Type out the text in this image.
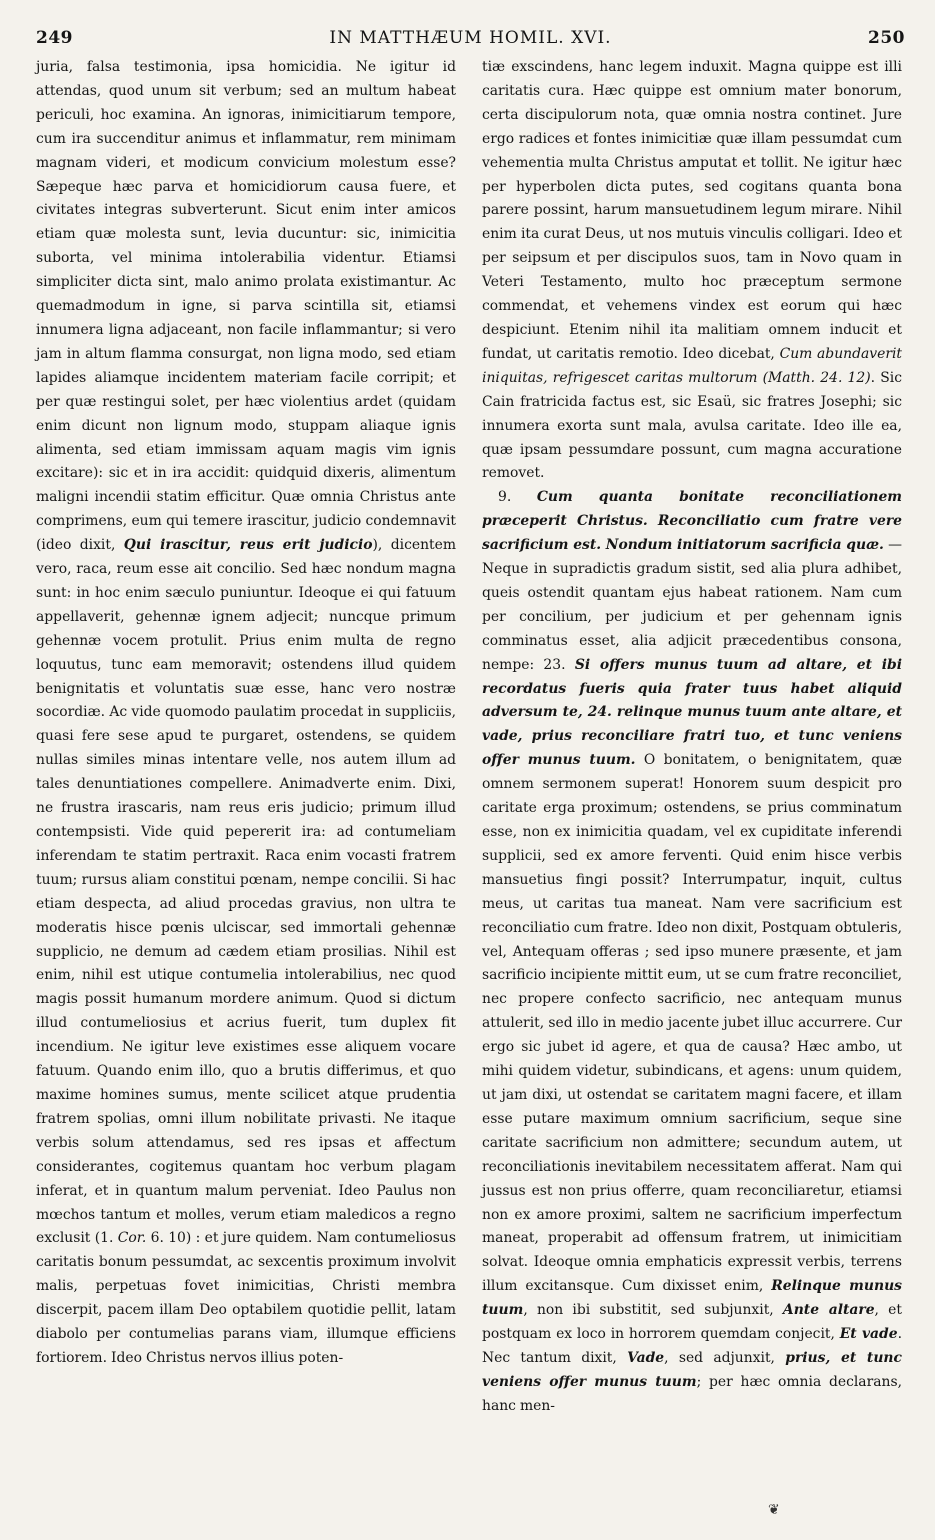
249	IN MATTHÆUM HOMIL. XVI.	250

juria, falsa testimonia, ipsa homicidia. Ne igitur id attendas, quod unum sit verbum; sed an multum habeat periculi, hoc examina. An ignoras, inimicitiarum tempore, cum ira succenditur animus et inflammatur, rem minimam magnam videri, et modicum convicium molestum esse? Sæpeque hæc parva et homicidiorum causa fuere, et civitates integras subverterunt. Sicut enim inter amicos etiam quæ molesta sunt, levia ducuntur: sic, inimicitia suborta, vel minima intolerabilia videntur. Etiamsi simpliciter dicta sint, malo animo prolata existimantur. Ac quemadmodum in igne, si parva scintilla sit, etiamsi innumera ligna adjaceant, non facile inflammantur; si vero jam in altum flamma consurgat, non ligna modo, sed etiam lapides aliamque incidentem materiam facile corripit; et per quæ restingui solet, per hæc violentius ardet (quidam enim dicunt non lignum modo, stuppam aliaque ignis alimenta, sed etiam immissam aquam magis vim ignis excitare): sic et in ira accidit: quidquid dixeris, alimentum maligni incendii statim efficitur. Quæ omnia Christus ante comprimens, eum qui temere irascitur, judicio condemnavit (ideo dixit, Qui irascitur, reus erit judicio), dicentem vero, raca, reum esse ait concilio. Sed hæc nondum magna sunt: in hoc enim sæculo puniuntur. Ideoque ei qui fatuum appellaverit, gehennæ ignem adjecit; nuncque primum gehennæ vocem protulit. Prius enim multa de regno loquutus, tunc eam memoravit; ostendens illud quidem benignitatis et voluntatis suæ esse, hanc vero nostræ socordiæ. Ac vide quomodo paulatim procedat in suppliciis, quasi fere sese apud te purgaret, ostendens, se quidem nullas similes minas intentare velle, nos autem illum ad tales denuntiationes compellere. Animadverte enim. Dixi, ne frustra irascaris, nam reus eris judicio; primum illud contempsisti. Vide quid pepererit ira: ad contumeliam inferendam te statim pertraxit. Raca enim vocasti fratrem tuum; rursus aliam constitui pœnam, nempe concilii. Si hac etiam despecta, ad aliud procedas gravius, non ultra te moderatis hisce pœnis ulciscar, sed immortali gehennæ supplicio, ne demum ad cædem etiam prosilias. Nihil est enim, nihil est utique contumelia intolerabilius, nec quod magis possit humanum mordere animum. Quod si dictum illud contumeliosius et acrius fuerit, tum duplex fit incendium. Ne igitur leve existimes esse aliquem vocare fatuum. Quando enim illo, quo a brutis differimus, et quo maxime homines sumus, mente scilicet atque prudentia fratrem spolias, omni illum nobilitate privasti. Ne itaque verbis solum attendamus, sed res ipsas et affectum considerantes, cogitemus quantam hoc verbum plagam inferat, et in quantum malum perveniat. Ideo Paulus non mœchos tantum et molles, verum etiam maledicos a regno exclusit (1. Cor. 6. 10) : et jure quidem. Nam contumeliosus caritatis bonum pessumdat, ac sexcentis proximum involvit malis, perpetuas fovet inimicitias, Christi membra discerpit, pacem illam Deo optabilem quotidie pellit, latam diabolo per contumelias parans viam, illumque efficiens fortiorem. Ideo Christus nervos illius poten-

tiæ exscindens, hanc legem induxit. Magna quippe est illi caritatis cura. Hæc quippe est omnium mater bonorum, certa discipulorum nota, quæ omnia nostra continet. Jure ergo radices et fontes inimicitiæ quæ illam pessumdat cum vehementia multa Christus amputat et tollit. Ne igitur hæc per hyperbolen dicta putes, sed cogitans quanta bona parere possint, harum mansuetudinem legum mirare. Nihil enim ita curat Deus, ut nos mutuis vinculis colligari. Ideo et per seipsum et per discipulos suos, tam in Novo quam in Veteri Testamento, multo hoc præceptum sermone commendat, et vehemens vindex est eorum qui hæc despiciunt. Etenim nihil ita malitiam omnem inducit et fundat, ut caritatis remotio. Ideo dicebat, Cum abundaverit iniquitas, refrigescet caritas multorum (Matth. 24. 12). Sic Cain fratricida factus est, sic Esaü, sic fratres Josephi; sic innumera exorta sunt mala, avulsa caritate. Ideo ille ea, quæ ipsam pessumdare possunt, cum magna accuratione removet.

9. Cum quanta bonitate reconciliationem præceperit Christus. Reconciliatio cum fratre vere sacrificium est. Nondum initiatorum sacrificia quæ. — Neque in supradictis gradum sistit, sed alia plura adhibet, queis ostendit quantam ejus habeat rationem. Nam cum per concilium, per judicium et per gehennam ignis comminatus esset, alia adjicit præcedentibus consona, nempe: 23. Si offers munus tuum ad altare, et ibi recordatus fueris quia frater tuus habet aliquid adversum te, 24. relinque munus tuum ante altare, et vade, prius reconciliare fratri tuo, et tunc veniens offer munus tuum. O bonitatem, o benignitatem, quæ omnem sermonem superat! Honorem suum despicit pro caritate erga proximum; ostendens, se prius comminatum esse, non ex inimicitia quadam, vel ex cupiditate inferendi supplicii, sed ex amore ferventi. Quid enim hisce verbis mansuetius fingi possit? Interrumpatur, inquit, cultus meus, ut caritas tua maneat. Nam vere sacrificium est reconciliatio cum fratre. Ideo non dixit, Postquam obtuleris, vel, Antequam offeras ; sed ipso munere præsente, et jam sacrificio incipiente mittit eum, ut se cum fratre reconciliet, nec propere confecto sacrificio, nec antequam munus attulerit, sed illo in medio jacente jubet illuc accurrere. Cur ergo sic jubet id agere, et qua de causa? Hæc ambo, ut mihi quidem videtur, subindicans, et agens: unum quidem, ut jam dixi, ut ostendat se caritatem magni facere, et illam esse putare maximum omnium sacrificium, seque sine caritate sacrificium non admittere; secundum autem, ut reconciliationis inevitabilem necessitatem afferat. Nam qui jussus est non prius offerre, quam reconciliaretur, etiamsi non ex amore proximi, saltem ne sacrificium imperfectum maneat, properabit ad offensum fratrem, ut inimicitiam solvat. Ideoque omnia emphaticis expressit verbis, terrens illum excitansque. Cum dixisset enim, Relinque munus tuum, non ibi substitit, sed subjunxit, Ante altare, et postquam ex loco in horrorem quemdam conjecit, Et vade. Nec tantum dixit, Vade, sed adjunxit, prius, et tunc veniens offer munus tuum; per hæc omnia declarans, hanc men-

❦
